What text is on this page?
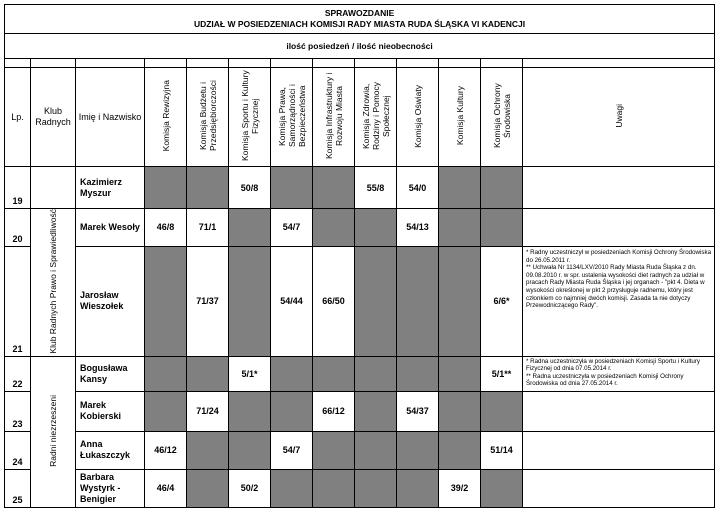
SPRAWOZDANIE
UDZIAŁ W POSIEDZENIACH KOMISJI RADY MIASTA RUDA ŚLĄSKA VI KADENCJI												

ilość posiedzeń / ilość nieobecności												

Lp.	Klub Radnych	Imię i Nazwisko	Komisja Rewizyjna	Komisja Budżetu i Przedsiębiorczości	Komisja Sportu i Kultury Fizycznej	Komisja Prawa, Samorządności i Bezpieczeństwa	Komisja Infrastruktury i Rozwoju Miasta	Komisja Zdrowia, Rodziny i Pomocy Społecznej	Komisja Oświaty	Komisja Kultury	Komisja Ochrony Środowiska	Uwagi
19		Kazimierz Myszur			50/8			55/8	54/0			
20	Klub Radnych Prawo i Sprawiedliwość	Marek Wesoły	46/8	71/1		54/7			54/13			
21		Jarosław Wieszołek		71/37		54/44	66/50				6/6*	* Radny uczestniczył w posiedzeniach Komisji Ochrony Środowiska do 26.05.2011 r.
** Uchwała Nr 1134/LXV/2010 Rady Miasta Ruda Śląska z dn. 09.08.2010 r. w spr. ustalenia wysokości diet radnych za udział w pracach Rady Miasta Ruda Śląska i jej organach - "pkt 4. Dieta w wysokości określonej w pkt 2 przysługuje radnemu, który jest członkiem co najmniej dwóch komisji. Zasada ta nie dotyczy Przewodniczącego Rady".
22	Radni niezrzeszeni	Bogusława Kansy			5/1*						5/1**	* Radna uczestniczyła w posiedzeniach Komisji Sportu i Kultury Fizycznej od dnia 07.05.2014 r.
** Radna uczestniczyła w posiedzeniach Komisji Ochrony Środowiska od dnia 27.05.2014 r.
23		Marek Kobierski		71/24			66/12		54/37			
24		Anna Łukaszczyk	46/12			54/7					51/14	
25		Barbara Wystyrk - Benigier	46/4		50/2					39/2		
